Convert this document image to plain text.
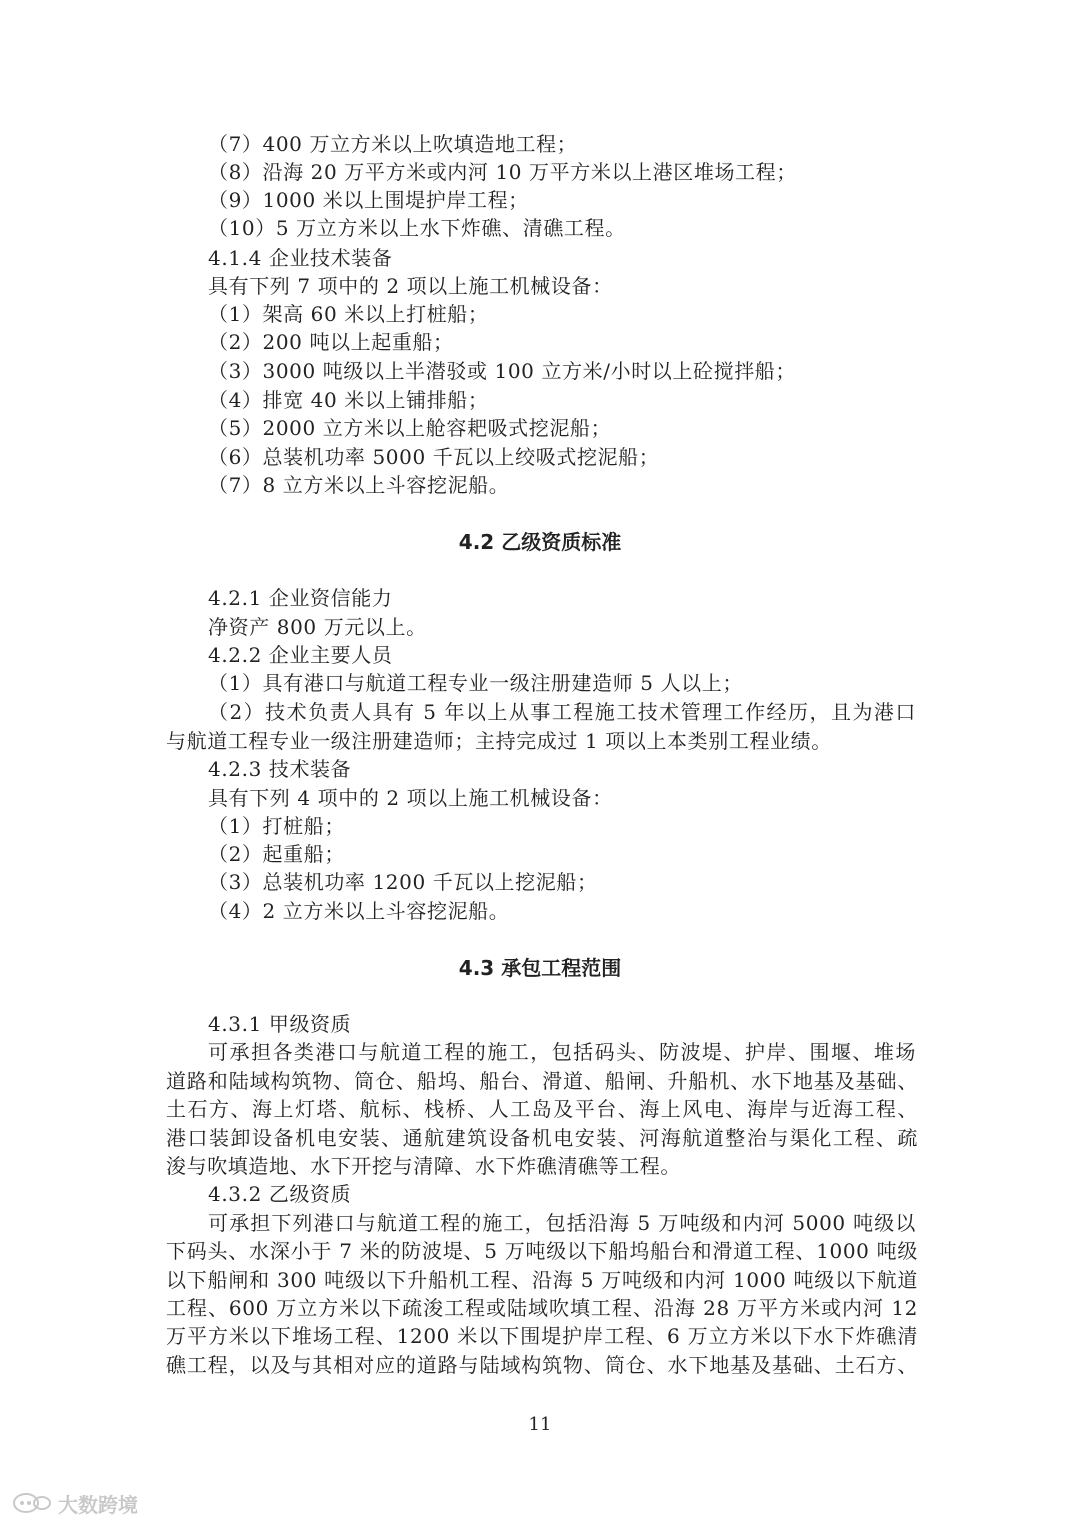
（7）400 万立方米以上吹填造地工程；
（8）沿海 20 万平方米或内河 10 万平方米以上港区堆场工程；
（9）1000 米以上围堤护岸工程；
（10）5 万立方米以上水下炸礁、清礁工程。
4.1.4 企业技术装备
具有下列 7 项中的 2 项以上施工机械设备：
（1）架高 60 米以上打桩船；
（2）200 吨以上起重船；
（3）3000 吨级以上半潜驳或 100 立方米/小时以上砼搅拌船；
（4）排宽 40 米以上铺排船；
（5）2000 立方米以上舱容耙吸式挖泥船；
（6）总装机功率 5000 千瓦以上绞吸式挖泥船；
（7）8 立方米以上斗容挖泥船。
4.2 乙级资质标准
4.2.1 企业资信能力
净资产 800 万元以上。
4.2.2 企业主要人员
（1）具有港口与航道工程专业一级注册建造师 5 人以上；
（2）技术负责人具有 5 年以上从事工程施工技术管理工作经历，且为港口
与航道工程专业一级注册建造师；主持完成过 1 项以上本类别工程业绩。
4.2.3 技术装备
具有下列 4 项中的 2 项以上施工机械设备：
（1）打桩船；
（2）起重船；
（3）总装机功率 1200 千瓦以上挖泥船；
（4）2 立方米以上斗容挖泥船。
4.3 承包工程范围
4.3.1 甲级资质
可承担各类港口与航道工程的施工，包括码头、防波堤、护岸、围堰、堆场
道路和陆域构筑物、筒仓、船坞、船台、滑道、船闸、升船机、水下地基及基础、
土石方、海上灯塔、航标、栈桥、人工岛及平台、海上风电、海岸与近海工程、
港口装卸设备机电安装、通航建筑设备机电安装、河海航道整治与渠化工程、疏
浚与吹填造地、水下开挖与清障、水下炸礁清礁等工程。
4.3.2 乙级资质
可承担下列港口与航道工程的施工，包括沿海 5 万吨级和内河 5000 吨级以
下码头、水深小于 7 米的防波堤、5 万吨级以下船坞船台和滑道工程、1000 吨级
以下船闸和 300 吨级以下升船机工程、沿海 5 万吨级和内河 1000 吨级以下航道
工程、600 万立方米以下疏浚工程或陆域吹填工程、沿海 28 万平方米或内河 12
万平方米以下堆场工程、1200 米以下围堤护岸工程、6 万立方米以下水下炸礁清
礁工程，以及与其相对应的道路与陆域构筑物、筒仓、水下地基及基础、土石方、
11
大数跨境
